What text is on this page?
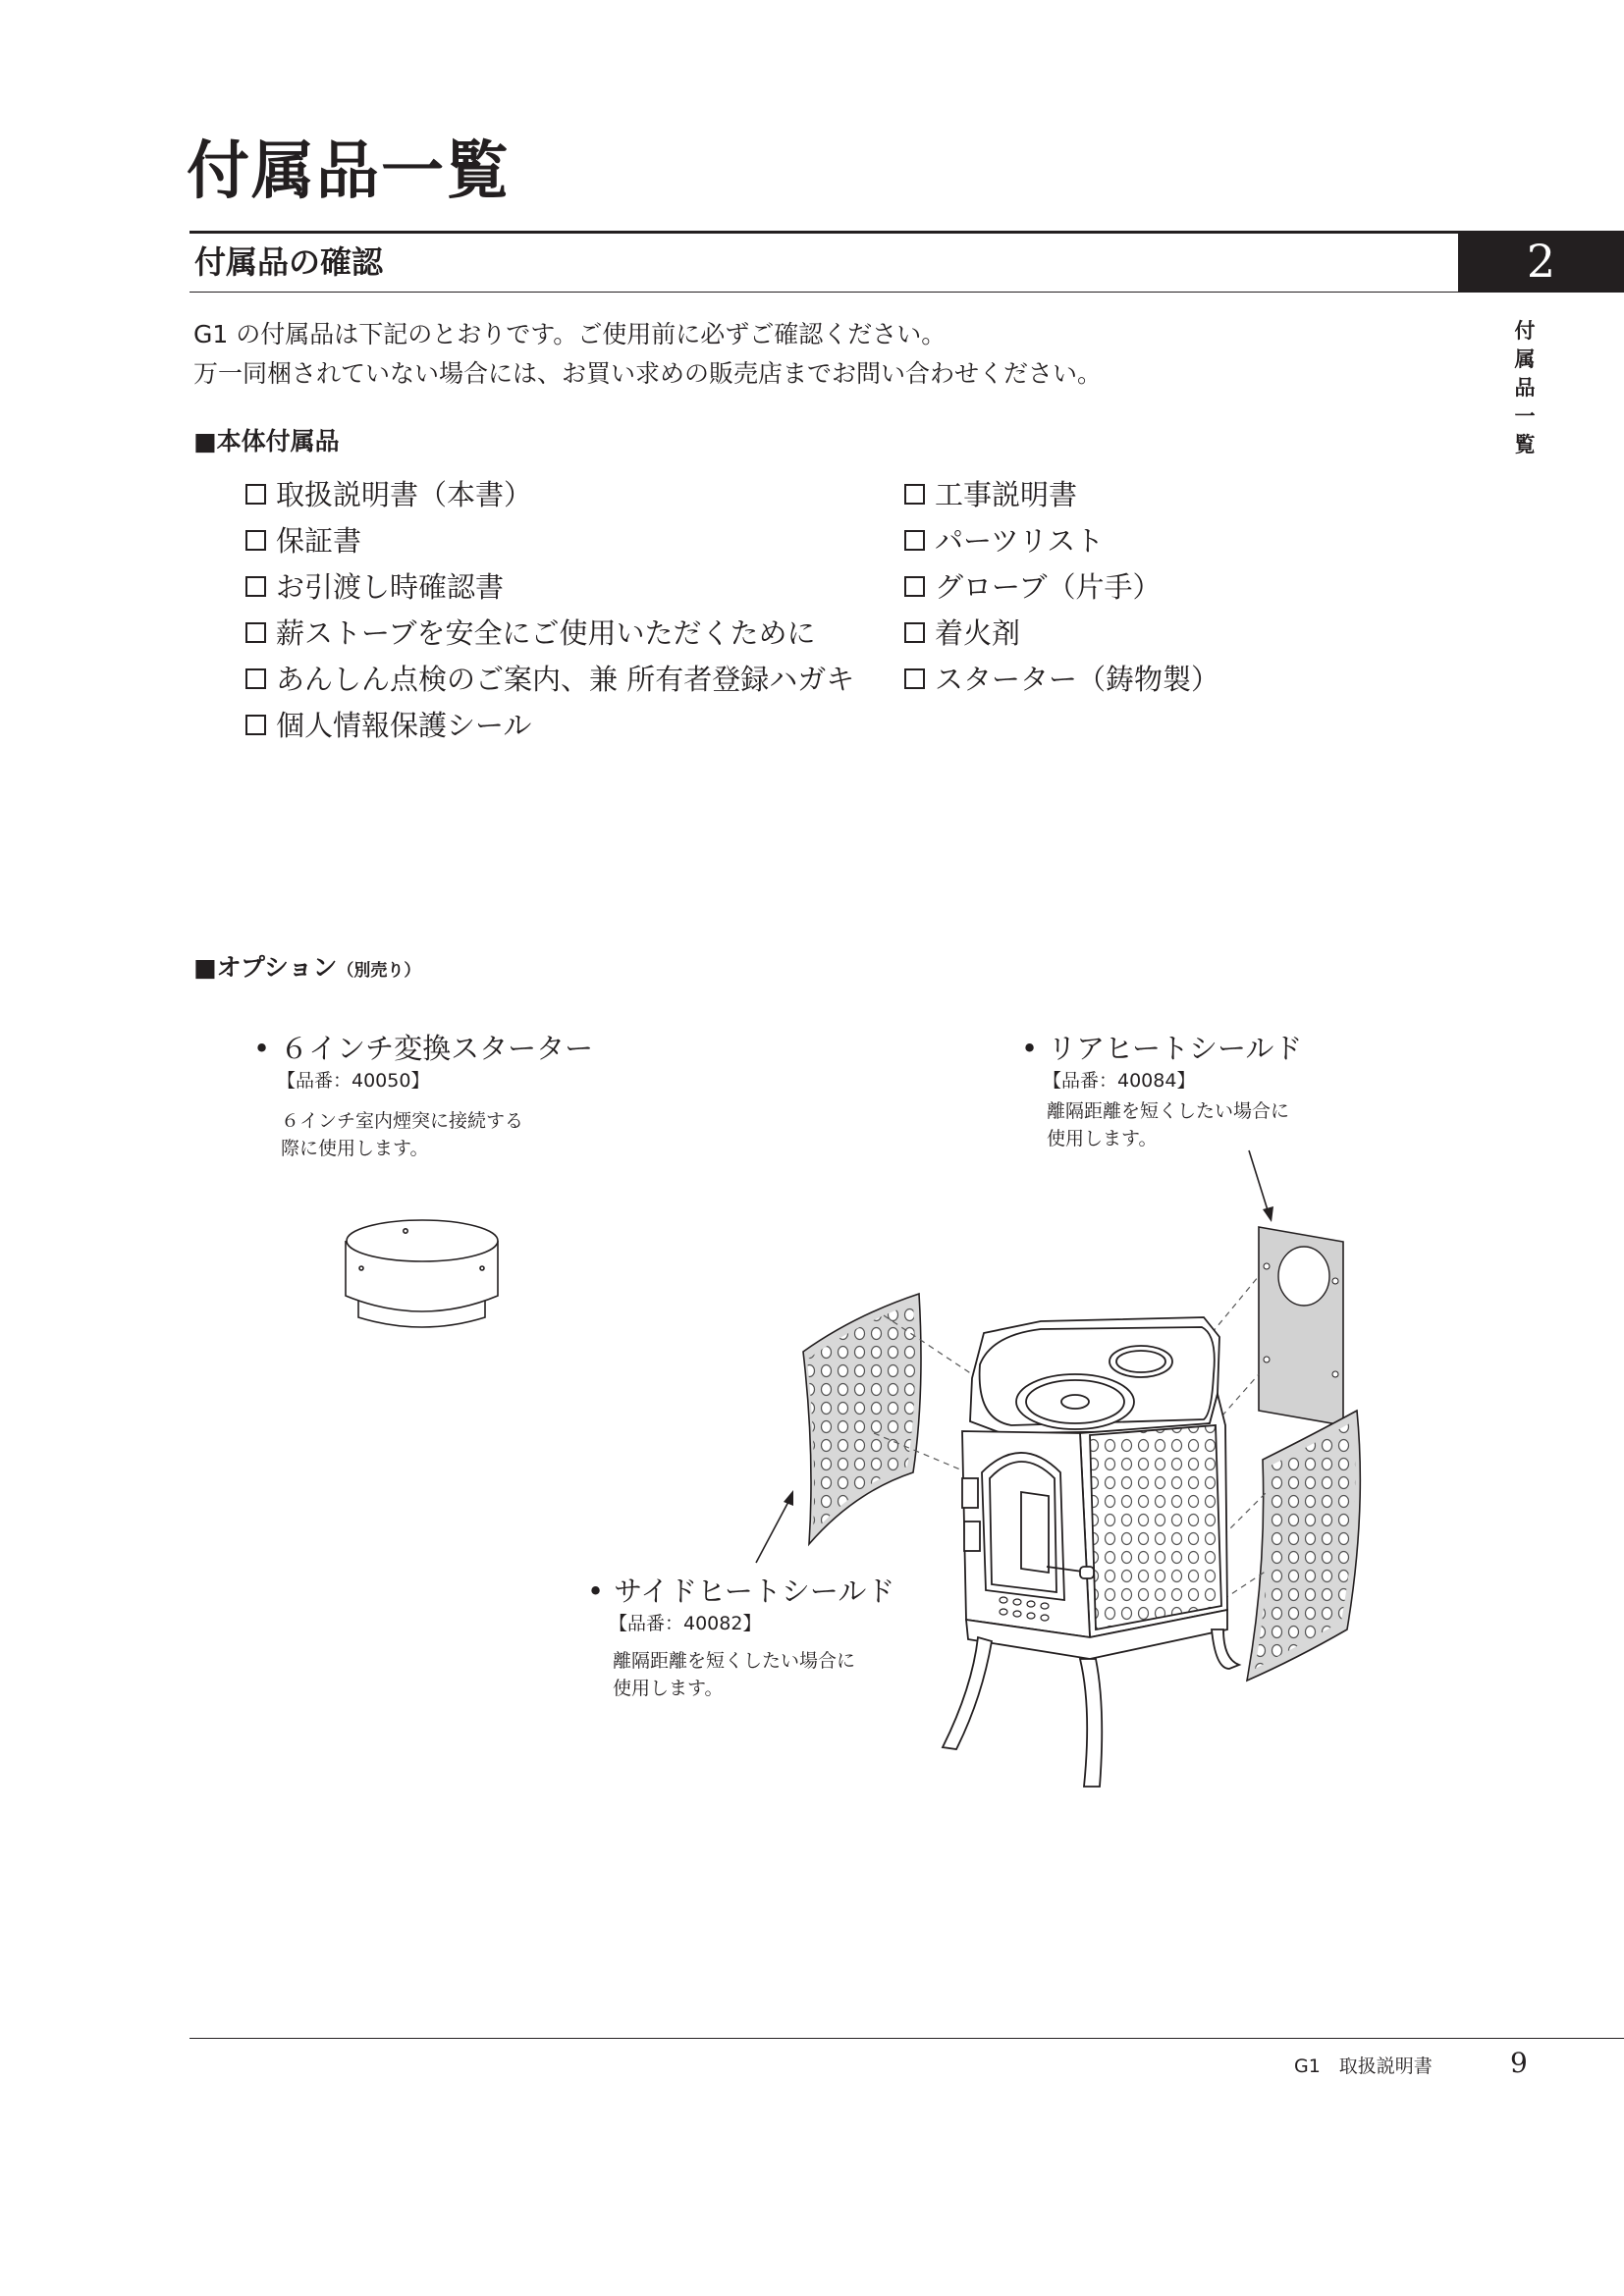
付属品一覧
付属品の確認	2
付
属
品
一
覧
G1 の付属品は下記のとおりです。ご使用前に必ずご確認ください。
万一同梱されていない場合には、お買い求めの販売店までお問い合わせください。
■本体付属品
取扱説明書（本書）
保証書
お引渡し時確認書
薪ストーブを安全にご使用いただくために
あんしん点検のご案内、兼 所有者登録ハガキ
個人情報保護シール
工事説明書
パーツリスト
グローブ（片手）
着火剤
スターター（鋳物製）
■オプション（別売り）
• ６インチ変換スターター
【品番：40050】
６インチ室内煙突に接続する
際に使用します。
• リアヒートシールド
【品番：40084】
離隔距離を短くしたい場合に
使用します。
• サイドヒートシールド
【品番：40082】
離隔距離を短くしたい場合に
使用します。
G1　取扱説明書	9
